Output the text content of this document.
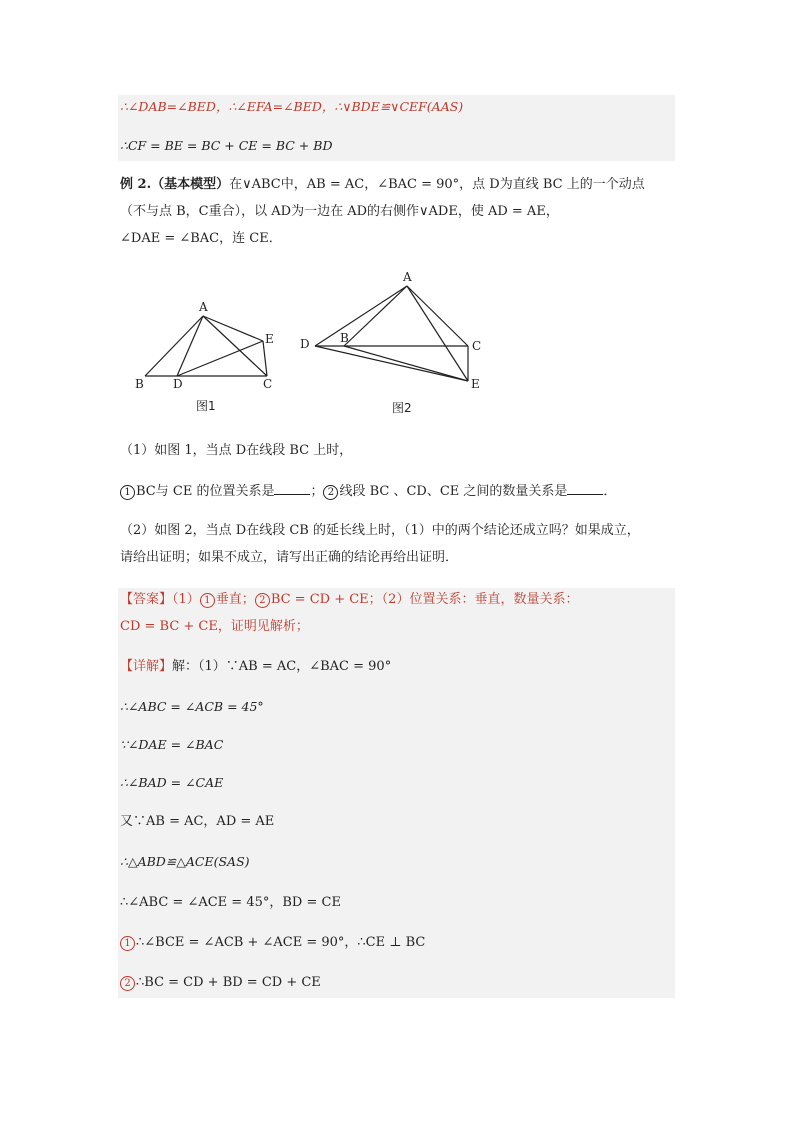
∴∠DAB=∠BED，∴∠EFA=∠BED，∴∨BDE≌∨CEF(AAS)
∴CF = BE = BC + CE = BC + BD
例 2.（基本模型）在∨ABC中，AB = AC，∠BAC = 90°，点 D为直线 BC 上的一个动点
（不与点 B，C重合），以 AD为一边在 AD的右侧作∨ADE，使 AD = AE，
∠DAE = ∠BAC，连 CE．
A
B D	C
E
图1
A
D	B
C
E
图2
（1）如图 1，当点 D在线段 BC 上时，
1 BC与 CE 的位置关系是	； 2 线段 BC 、CD、CE 之间的数量关系是	．
（2）如图 2，当点 D在线段 CB 的延长线上时，（1）中的两个结论还成立吗？如果成立，
请给出证明；如果不成立，请写出正确的结论再给出证明．
【答案】（1） 1 垂直； 2 BC = CD + CE；（2）位置关系：垂直，数量关系：
CD = BC + CE，证明见解析；
【详解】解：（1）∵AB = AC，∠BAC = 90°
∴∠ABC = ∠ACB = 45°
∵∠DAE = ∠BAC
∴∠BAD = ∠CAE
又∵AB = AC，AD = AE
∴△ABD≌△ACE(SAS)
∴∠ABC = ∠ACE = 45°，BD = CE
1 ∴∠BCE = ∠ACB + ∠ACE = 90°，∴CE ⊥ BC
2 ∴BC = CD + BD = CD + CE
